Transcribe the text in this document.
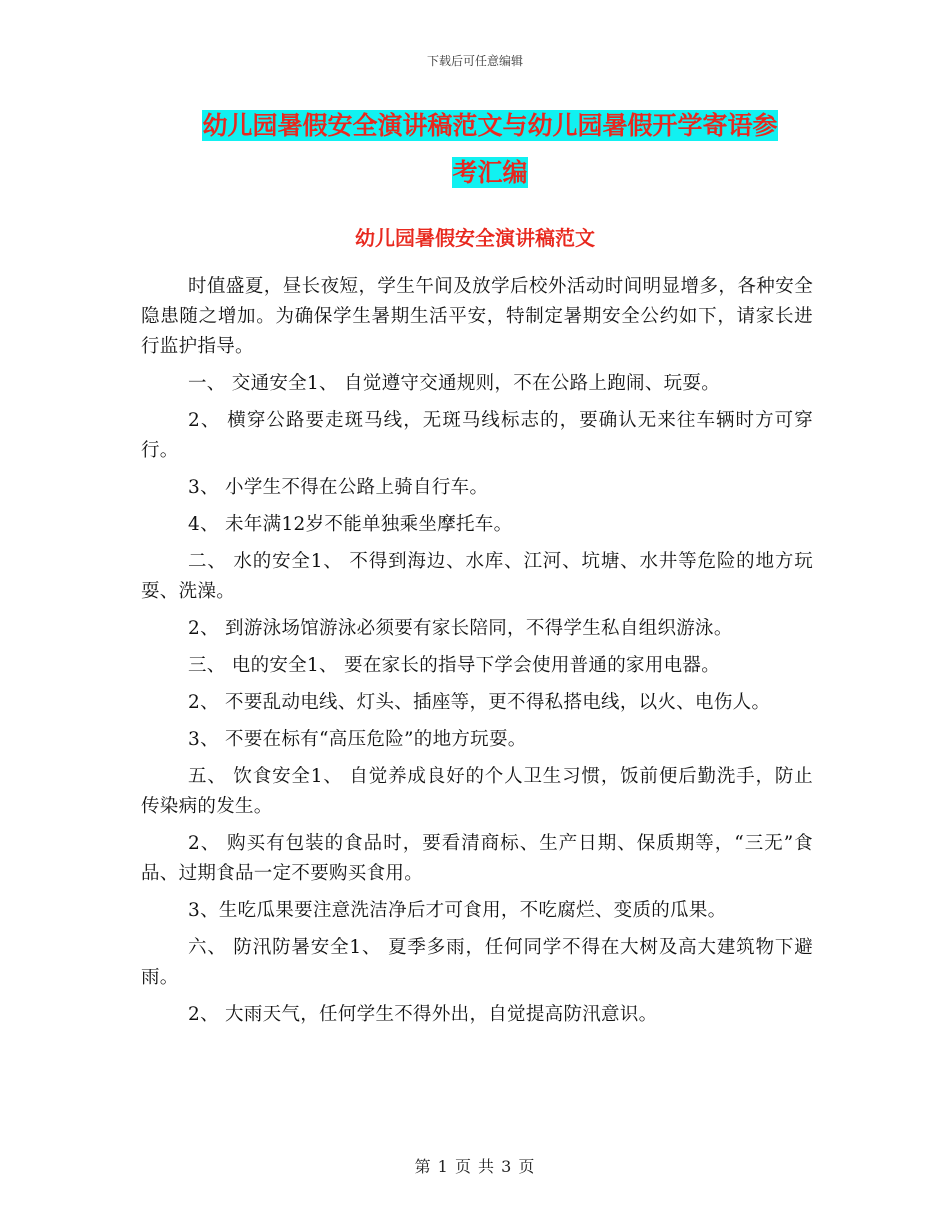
下载后可任意编辑
幼儿园暑假安全演讲稿范文与幼儿园暑假开学寄语参
考汇编
幼儿园暑假安全演讲稿范文

时值盛夏，昼长夜短，学生午间及放学后校外活动时间明显增多，各种安全隐患随之增加。为确保学生暑期生活平安，特制定暑期安全公约如下，请家长进行监护指导。

一、 交通安全1、 自觉遵守交通规则，不在公路上跑闹、玩耍。

2、 横穿公路要走斑马线，无斑马线标志的，要确认无来往车辆时方可穿行。

3、 小学生不得在公路上骑自行车。

4、 未年满12岁不能单独乘坐摩托车。

二、 水的安全1、 不得到海边、水库、江河、坑塘、水井等危险的地方玩耍、洗澡。

2、 到游泳场馆游泳必须要有家长陪同，不得学生私自组织游泳。

三、 电的安全1、 要在家长的指导下学会使用普通的家用电器。

2、 不要乱动电线、灯头、插座等，更不得私搭电线，以火、电伤人。

3、 不要在标有“高压危险”的地方玩耍。

五、 饮食安全1、 自觉养成良好的个人卫生习惯，饭前便后勤洗手，防止传染病的发生。

2、 购买有包装的食品时，要看清商标、生产日期、保质期等，“三无”食品、过期食品一定不要购买食用。

3、生吃瓜果要注意洗洁净后才可食用，不吃腐烂、变质的瓜果。

六、 防汛防暑安全1、 夏季多雨，任何同学不得在大树及高大建筑物下避雨。

2、 大雨天气，任何学生不得外出，自觉提高防汛意识。

第 1 页 共 3 页
